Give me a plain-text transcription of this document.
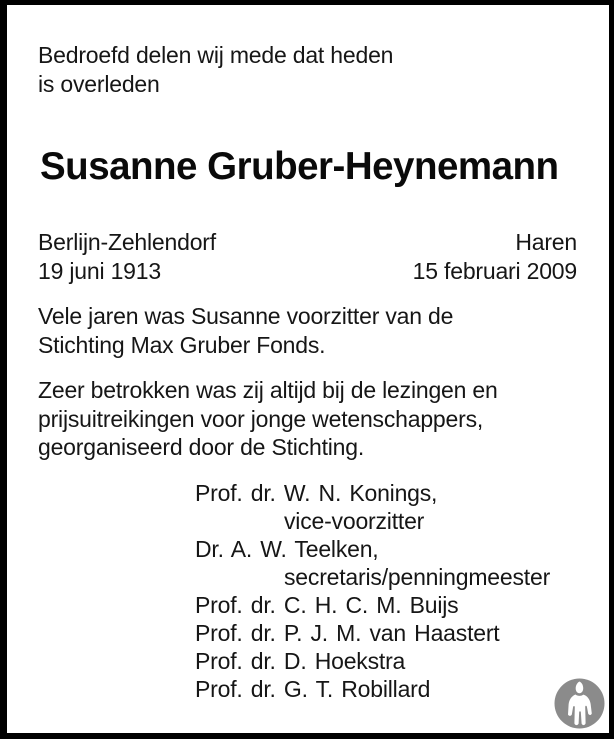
Bedroefd delen wij mede dat heden
is overleden
Susanne Gruber-Heynemann
Berlijn-Zehlendorf
19 juni 1913
Haren
15 februari 2009
Vele jaren was Susanne voorzitter van de
Stichting Max Gruber Fonds.
Zeer betrokken was zij altijd bij de lezingen en
prijsuitreikingen voor jonge wetenschappers,
georganiseerd door de Stichting.
Prof. dr. W. N. Konings,
vice-voorzitter
Dr. A. W. Teelken,
secretaris/penningmeester
Prof. dr. C. H. C. M. Buijs
Prof. dr. P. J. M. van Haastert
Prof. dr. D. Hoekstra
Prof. dr. G. T. Robillard
